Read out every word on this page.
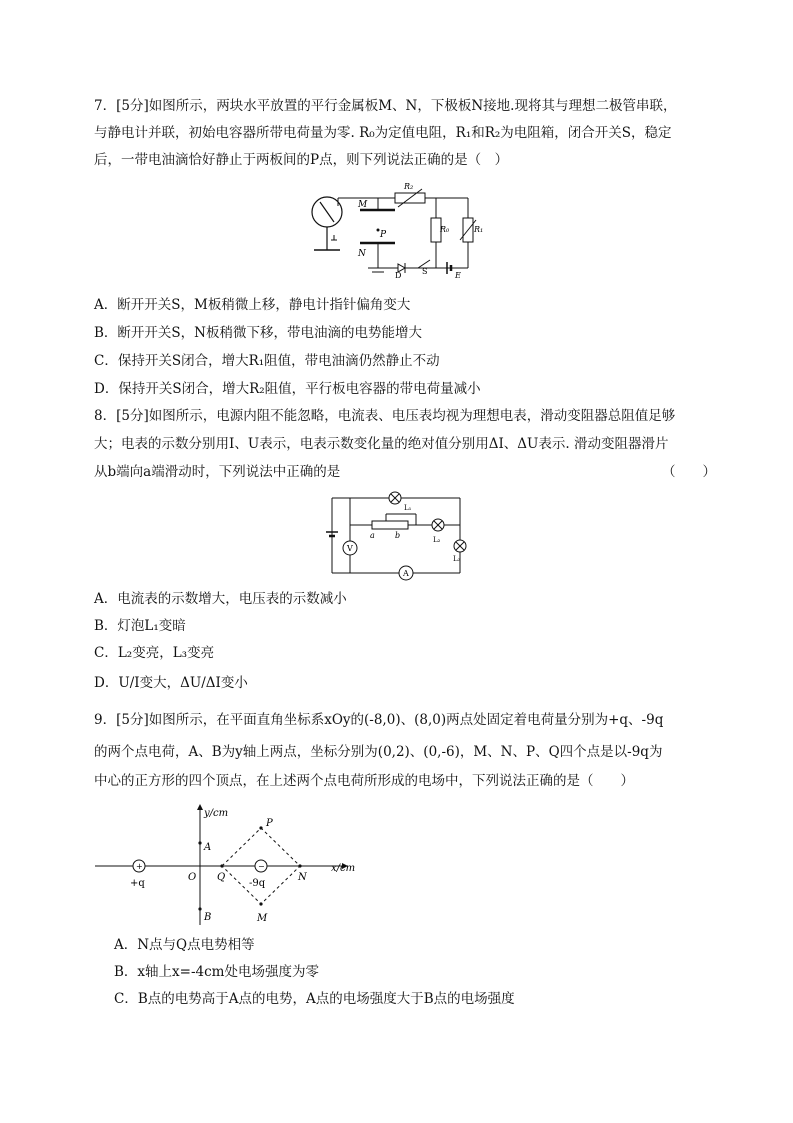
7．[5分]如图所示，两块水平放置的平行金属板M、N，下极板N接地.现将其与理想二极管串联，
与静电计并联，初始电容器所带电荷量为零. R₀为定值电阻，R₁和R₂为电阻箱，闭合开关S，稳定
后，一带电油滴恰好静止于两板间的P点，则下列说法正确的是（　）
M
N
P
R₂
R₀	R₁
D	S	E
A．断开开关S，M板稍微上移，静电计指针偏角变大
B．断开开关S，N板稍微下移，带电油滴的电势能增大
C．保持开关S闭合，增大R₁阻值，带电油滴仍然静止不动
D．保持开关S闭合，增大R₂阻值，平行板电容器的带电荷量减小
8．[5分]如图所示，电源内阻不能忽略，电流表、电压表均视为理想电表，滑动变阻器总阻值足够
大；电表的示数分别用I、U表示，电表示数变化量的绝对值分别用ΔI、ΔU表示. 滑动变阻器滑片
从b端向a端滑动时，下列说法中正确的是	（　　）
V
A
L₁
L₂
L₃
a	b
A．电流表的示数增大，电压表的示数减小
B．灯泡L₁变暗
C．L₂变亮，L₃变亮
D．U/I变大，ΔU/ΔI变小
9．[5分]如图所示，在平面直角坐标系xOy的(-8,0)、(8,0)两点处固定着电荷量分别为+q、-9q
的两个点电荷，A、B为y轴上两点，坐标分别为(0,2)、(0,-6)，M、N、P、Q四个点是以-9q为
中心的正方形的四个顶点，在上述两个点电荷所形成的电场中，下列说法正确的是（　　）
+	−
y/cm
x/cm
P
A
O Q	N
B	M
+q	-9q
A．N点与Q点电势相等
B．x轴上x=-4cm处电场强度为零
C．B点的电势高于A点的电势，A点的电场强度大于B点的电场强度
